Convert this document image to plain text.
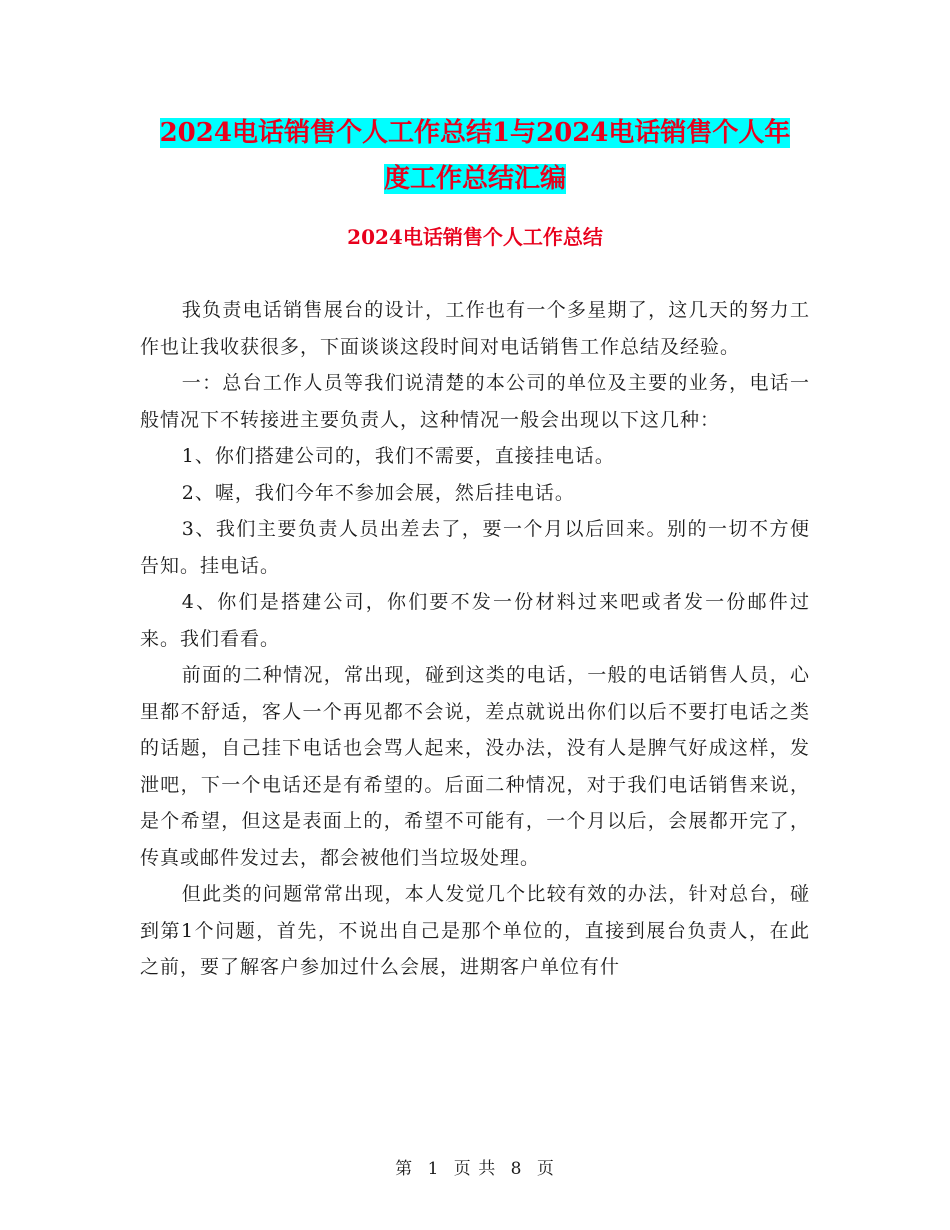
2024电话销售个人工作总结1与2024电话销售个人年
度工作总结汇编
2024电话销售个人工作总结

我负责电话销售展台的设计，工作也有一个多星期了，这几天的努力工作也让我收获很多，下面谈谈这段时间对电话销售工作总结及经验。

一：总台工作人员等我们说清楚的本公司的单位及主要的业务，电话一般情况下不转接进主要负责人，这种情况一般会出现以下这几种：

1、你们搭建公司的，我们不需要，直接挂电话。

2、喔，我们今年不参加会展，然后挂电话。

3、我们主要负责人员出差去了，要一个月以后回来。别的一切不方便告知。挂电话。

4、你们是搭建公司，你们要不发一份材料过来吧或者发一份邮件过来。我们看看。

前面的二种情况，常出现，碰到这类的电话，一般的电话销售人员，心里都不舒适，客人一个再见都不会说，差点就说出你们以后不要打电话之类的话题，自己挂下电话也会骂人起来，没办法，没有人是脾气好成这样，发泄吧，下一个电话还是有希望的。后面二种情况，对于我们电话销售来说，是个希望，但这是表面上的，希望不可能有，一个月以后，会展都开完了，传真或邮件发过去，都会被他们当垃圾处理。

但此类的问题常常出现，本人发觉几个比较有效的办法，针对总台，碰到第1个问题，首先，不说出自己是那个单位的，直接到展台负责人，在此之前，要了解客户参加过什么会展，进期客户单位有什

第 1 页 共 8 页
